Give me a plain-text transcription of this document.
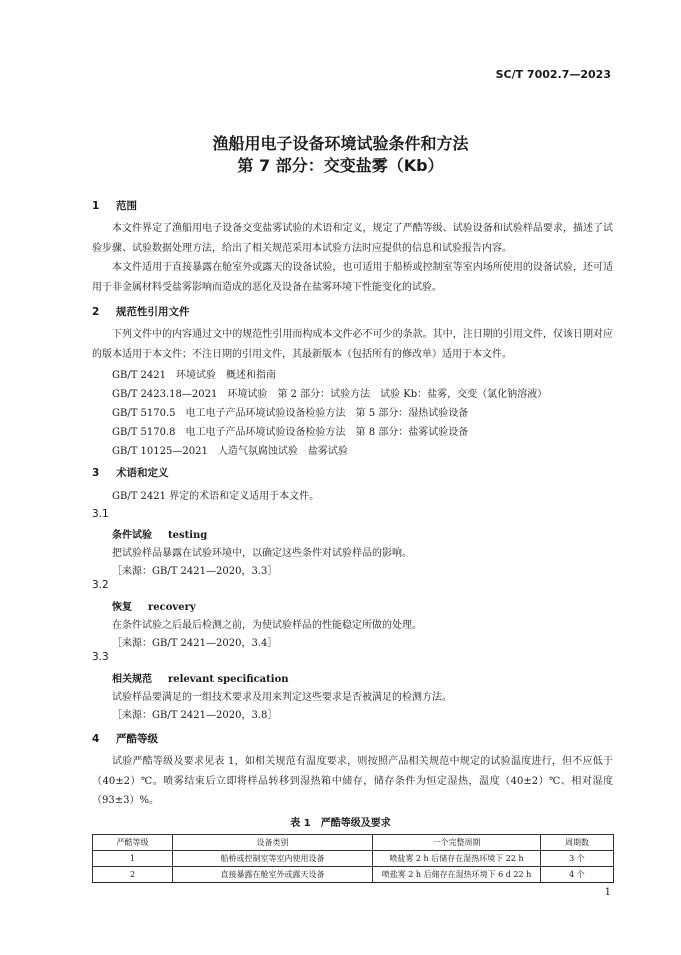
SC/T 7002.7—2023
渔船用电子设备环境试验条件和方法
第 7 部分：交变盐雾（Kb）
1 范围
本文件界定了渔船用电子设备交变盐雾试验的术语和定义，规定了严酷等级、试验设备和试验样品要求，描述了试验步骤、试验数据处理方法，给出了相关规范采用本试验方法时应提供的信息和试验报告内容。
本文件适用于直接暴露在舱室外或露天的设备试验，也可适用于船桥或控制室等室内场所使用的设备试验，还可适用于非金属材料受盐雾影响而造成的恶化及设备在盐雾环境下性能变化的试验。
2 规范性引用文件
下列文件中的内容通过文中的规范性引用而构成本文件必不可少的条款。其中，注日期的引用文件，仅该日期对应的版本适用于本文件；不注日期的引用文件，其最新版本（包括所有的修改单）适用于本文件。
GB/T 2421　环境试验　概述和指南
GB/T 2423.18—2021　环境试验　第 2 部分：试验方法　试验 Kb：盐雾，交变（氯化钠溶液）
GB/T 5170.5　电工电子产品环境试验设备检验方法　第 5 部分：湿热试验设备
GB/T 5170.8　电工电子产品环境试验设备检验方法　第 8 部分：盐雾试验设备
GB/T 10125—2021　人造气氛腐蚀试验　盐雾试验
3 术语和定义
GB/T 2421 界定的术语和定义适用于本文件。
3.1
条件试验 testing
把试验样品暴露在试验环境中，以确定这些条件对试验样品的影响。
［来源：GB/T 2421—2020，3.3］
3.2
恢复 recovery
在条件试验之后最后检测之前，为使试验样品的性能稳定所做的处理。
［来源：GB/T 2421—2020，3.4］
3.3
相关规范 relevant specification
试验样品要满足的一组技术要求及用来判定这些要求是否被满足的检测方法。
［来源：GB/T 2421—2020，3.8］
4 严酷等级
试验严酷等级及要求见表 1，如相关规范有温度要求，则按照产品相关规范中规定的试验温度进行，但不应低于（40±2）℃。喷雾结束后立即将样品转移到湿热箱中储存，储存条件为恒定湿热，温度（40±2）℃、相对湿度（93±3）%。
表 1　严酷等级及要求
严酷等级	设备类别	一个完整周期	周期数
1	船桥或控制室等室内使用设备	喷盐雾 2 h 后储存在湿热环境下 22 h	3 个
2	直接暴露在舱室外或露天设备	喷盐雾 2 h 后储存在湿热环境下 6 d 22 h	4 个
1
